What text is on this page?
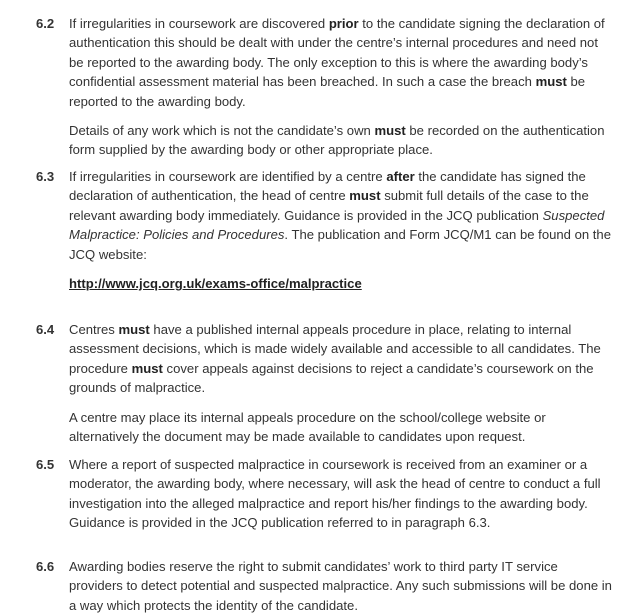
6.2	If irregularities in coursework are discovered prior to the candidate signing the declaration of authentication this should be dealt with under the centre’s internal procedures and need not be reported to the awarding body. The only exception to this is where the awarding body’s confidential assessment material has been breached. In such a case the breach must be reported to the awarding body.

Details of any work which is not the candidate’s own must be recorded on the authentication form supplied by the awarding body or other appropriate place.

6.3	If irregularities in coursework are identified by a centre after the candidate has signed the declaration of authentication, the head of centre must submit full details of the case to the relevant awarding body immediately. Guidance is provided in the JCQ publication Suspected Malpractice: Policies and Procedures. The publication and Form JCQ/M1 can be found on the JCQ website:

http://www.jcq.org.uk/exams-office/malpractice
6.4	Centres must have a published internal appeals procedure in place, relating to internal assessment decisions, which is made widely available and accessible to all candidates. The procedure must cover appeals against decisions to reject a candidate’s coursework on the grounds of malpractice.

A centre may place its internal appeals procedure on the school/college website or alternatively the document may be made available to candidates upon request.

6.5	Where a report of suspected malpractice in coursework is received from an examiner or a moderator, the awarding body, where necessary, will ask the head of centre to conduct a full investigation into the alleged malpractice and report his/her findings to the awarding body. Guidance is provided in the JCQ publication referred to in paragraph 6.3.

6.6	Awarding bodies reserve the right to submit candidates’ work to third party IT service providers to detect potential and suspected malpractice. Any such submissions will be done in a way which protects the identity of the candidate.
